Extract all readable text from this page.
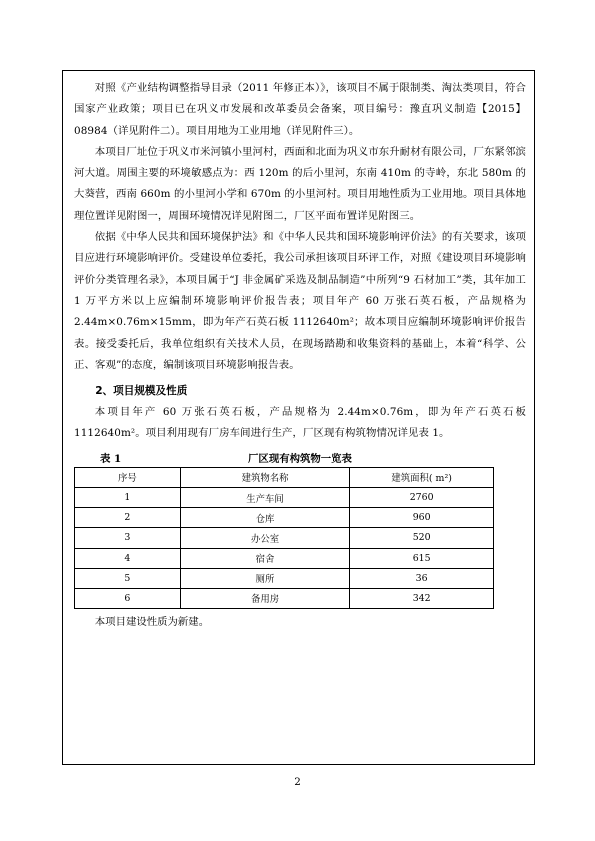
对照《产业结构调整指导目录（2011 年修正本）》，该项目不属于限制类、淘汰类项目，符合国家产业政策；项目已在巩义市发展和改革委员会备案，项目编号：豫直巩义制造【2015】08984（详见附件二）。项目用地为工业用地（详见附件三）。

本项目厂址位于巩义市米河镇小里河村，西面和北面为巩义市东升耐材有限公司，厂东紧邻滨河大道。周围主要的环境敏感点为：西 120m 的后小里河，东南 410m 的寺岭，东北 580m 的大葵营，西南 660m 的小里河小学和 670m 的小里河村。项目用地性质为工业用地。项目具体地理位置详见附图一，周围环境情况详见附图二，厂区平面布置详见附图三。

依据《中华人民共和国环境保护法》和《中华人民共和国环境影响评价法》的有关要求，该项目应进行环境影响评价。受建设单位委托，我公司承担该项目环评工作，对照《建设项目环境影响评价分类管理名录》，本项目属于“J 非金属矿采选及制品制造”中所列“9 石材加工”类，其年加工 1 万平方米以上应编制环境影响评价报告表；项目年产 60 万张石英石板，产品规格为 2.44m×0.76m×15mm，即为年产石英石板 1112640m²；故本项目应编制环境影响评价报告表。接受委托后，我单位组织有关技术人员，在现场踏勘和收集资料的基础上，本着“科学、公正、客观”的态度，编制该项目环境影响报告表。

2、项目规模及性质

本项目年产 60 万张石英石板，产品规格为 2.44m×0.76m，即为年产石英石板 1112640m²。项目利用现有厂房车间进行生产，厂区现有构筑物情况详见表 1。

表 1	厂区现有构筑物一览表
序号	建筑物名称	建筑面积( m²)
1	生产车间	2760
2	仓库	960
3	办公室	520
4	宿舍	615
5	厕所	36
6	备用房	342

本项目建设性质为新建。

2
